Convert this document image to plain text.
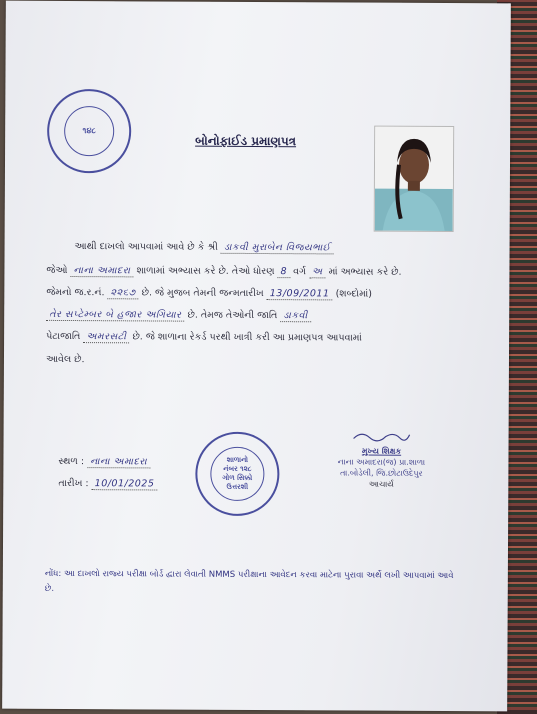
૧૪૮
બોનોફાઈડ પ્રમાણપત્ર
આથી દાખલો આપવામાં આવે છે કે શ્રી ડાકવી મુરાબેન વિજયભાઈ
જેઓ નાના અમાદરા શાળામાં અભ્યાસ કરે છે. તેઓ ધોરણ 8 વર્ગ અ માં અભ્યાસ કરે છે.
જેમનો જ.ર.નં. ૨૨૬૭ છે. જે મુજબ તેમની જન્મતારીખ 13/09/2011 (શબ્દોમાં)
તેર સપ્ટેમ્બર બે હજાર અગિયાર છે. તેમજ તેઓની જાતિ ડાકવી
પેટાજાતિ અમરસટી છે. જે શાળાના રેકર્ડ પરથી ખાત્રી કરી આ પ્રમાણપત્ર આપવામાં
આવેલ છે.
સ્થળ : નાના અમાદરા
તારીખ : 10/01/2025
શાળાનો
નંબર ૧૨૮
ગોળ સિક્કો
ઉત્તરશી
મુખ્ય શિક્ષક
નાના અમાદરા(જ) પ્રા.શાળા
તા.બોડેલી, જિ.છોટાઉદેપુર
આચાર્ય
નોંધ: આ દાખલો રાજ્ય પરીક્ષા બોર્ડ દ્વારા લેવાતી NMMS પરીક્ષાના આવેદન કરવા માટેના પુરાવા અર્થે લખી આપવામાં આવે છે.
